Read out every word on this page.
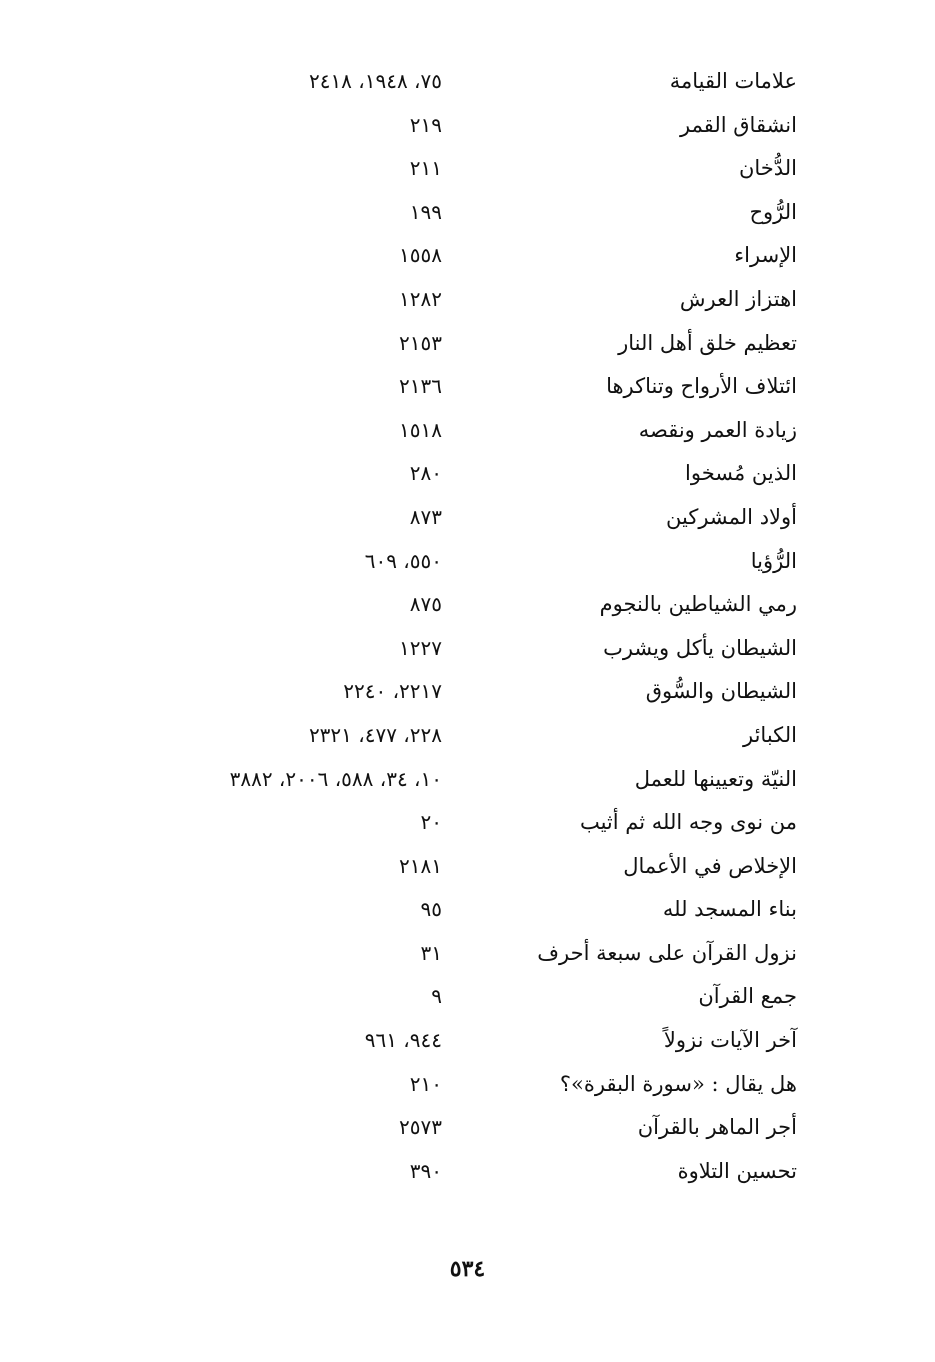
علامات القيامة
٧٥، ١٩٤٨، ٢٤١٨
انشقاق القمر
٢١٩
الدُّخان
٢١١
الرُّوح
١٩٩
الإسراء
١٥٥٨
اهتزاز العرش
١٢٨٢
تعظيم خلق أهل النار
٢١٥٣
ائتلاف الأرواح وتناكرها
٢١٣٦
زيادة العمر ونقصه
١٥١٨
الذين مُسخوا
٢٨٠
أولاد المشركين
٨٧٣
الرُّؤيا
٥٥٠، ٦٠٩
رمي الشياطين بالنجوم
٨٧٥
الشيطان يأكل ويشرب
١٢٢٧
الشيطان والسُّوق
٢٢١٧، ٢٢٤٠
الكبائر
٢٢٨، ٤٧٧، ٢٣٢١
النيّة وتعيينها للعمل
١٠، ٣٤، ٥٨٨، ٢٠٠٦، ٣٨٨٢
من نوى وجه الله ثم أثيب
٢٠
الإخلاص في الأعمال
٢١٨١
بناء المسجد لله
٩٥
نزول القرآن على سبعة أحرف
٣١
جمع القرآن
٩
آخر الآيات نزولاً
٩٤٤، ٩٦١
هل يقال : «سورة البقرة»؟
٢١٠
أجر الماهر بالقرآن
٢٥٧٣
تحسين التلاوة
٣٩٠
٥٣٤
